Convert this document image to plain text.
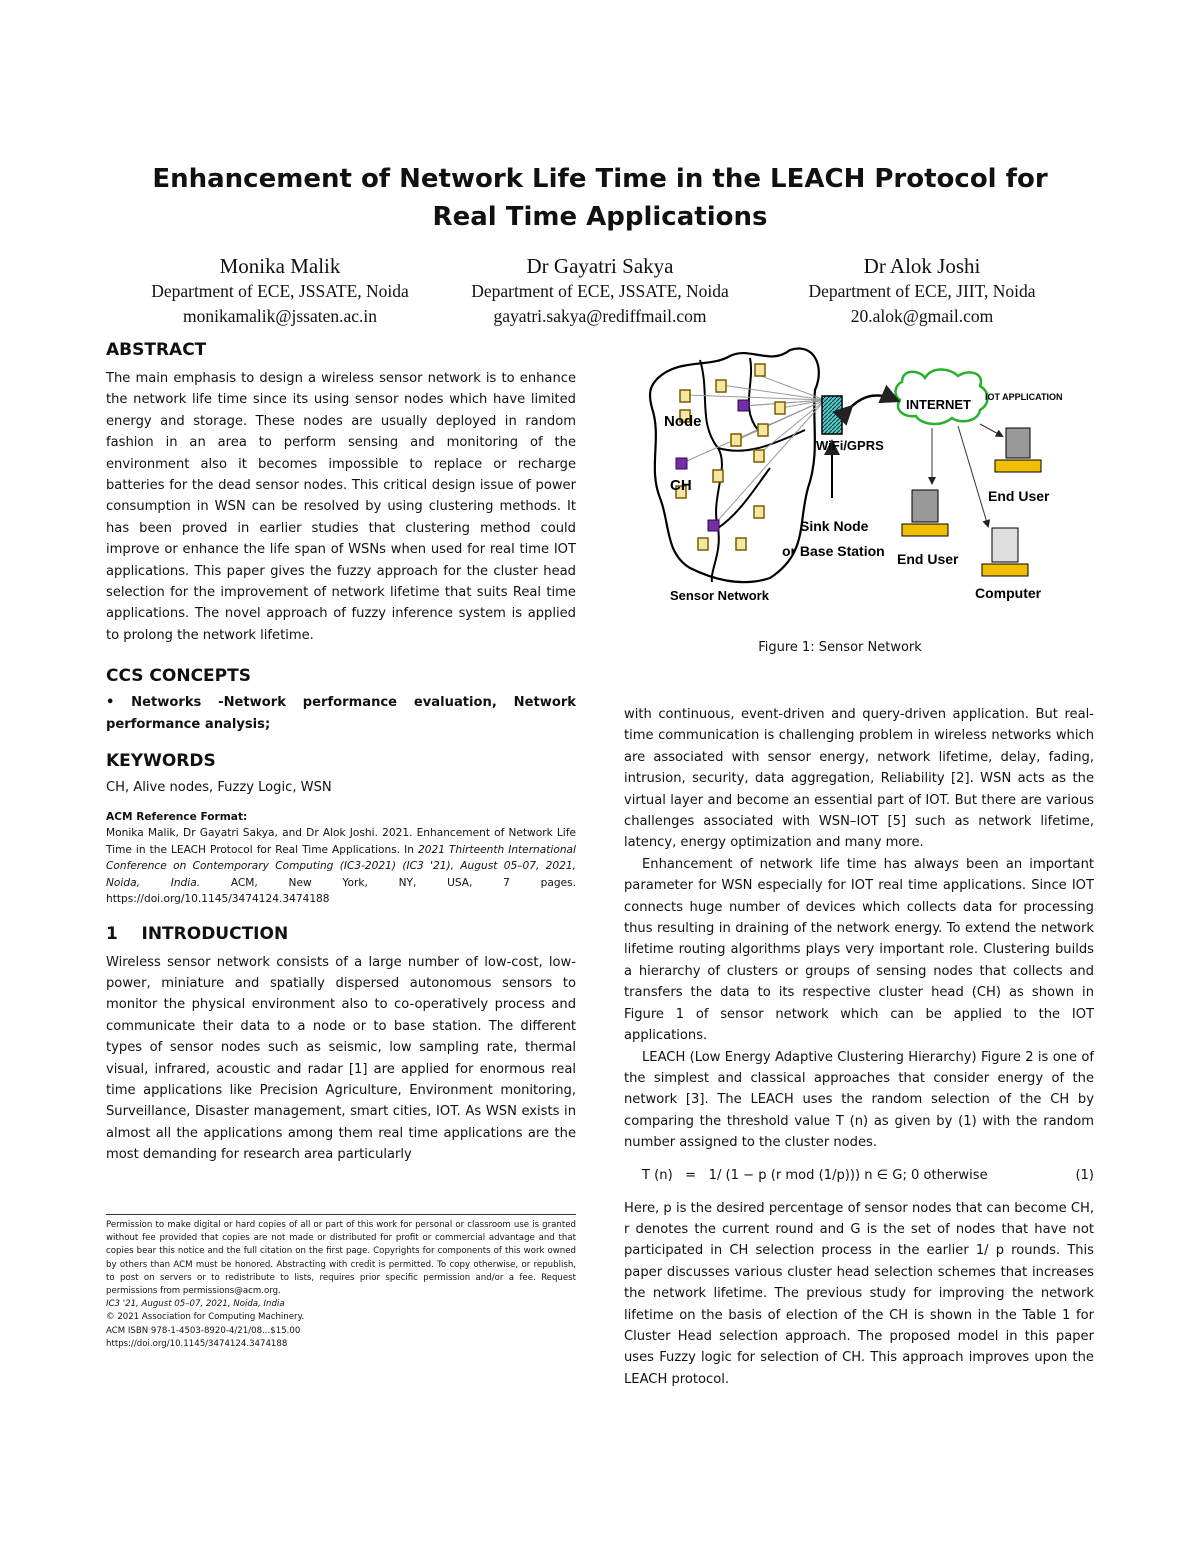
Enhancement of Network Life Time in the LEACH Protocol for
Real Time Applications
Monika Malik
Department of ECE, JSSATE, Noida
monikamalik@jssaten.ac.in
Dr Gayatri Sakya
Department of ECE, JSSATE, Noida
gayatri.sakya@rediffmail.com
Dr Alok Joshi
Department of ECE, JIIT, Noida
20.alok@gmail.com
ABSTRACT

The main emphasis to design a wireless sensor network is to enhance the network life time since its using sensor nodes which have limited energy and storage. These nodes are usually deployed in random fashion in an area to perform sensing and monitoring of the environment also it becomes impossible to replace or recharge batteries for the dead sensor nodes. This critical design issue of power consumption in WSN can be resolved by using clustering methods. It has been proved in earlier studies that clustering method could improve or enhance the life span of WSNs when used for real time IOT applications. This paper gives the fuzzy approach for the cluster head selection for the improvement of network lifetime that suits Real time applications. The novel approach of fuzzy inference system is applied to prolong the network lifetime.

CCS CONCEPTS

• Networks -Network performance evaluation, Network performance analysis;

KEYWORDS

CH, Alive nodes, Fuzzy Logic, WSN

ACM Reference Format:

Monika Malik, Dr Gayatri Sakya, and Dr Alok Joshi. 2021. Enhancement of Network Life Time in the LEACH Protocol for Real Time Applications. In 2021 Thirteenth International Conference on Contemporary Computing (IC3-2021) (IC3 '21), August 05–07, 2021, Noida, India. ACM, New York, NY, USA, 7 pages. https://doi.org/10.1145/3474124.3474188

1    INTRODUCTION

Wireless sensor network consists of a large number of low-cost, low-power, miniature and spatially dispersed autonomous sensors to monitor the physical environment also to co-operatively process and communicate their data to a node or to base station. The different types of sensor nodes such as seismic, low sampling rate, thermal visual, infrared, acoustic and radar [1] are applied for enormous real time applications like Precision Agriculture, Environment monitoring, Surveillance, Disaster management, smart cities, IOT. As WSN exists in almost all the applications among them real time applications are the most demanding for research area particularly

Permission to make digital or hard copies of all or part of this work for personal or classroom use is granted without fee provided that copies are not made or distributed for profit or commercial advantage and that copies bear this notice and the full citation on the first page. Copyrights for components of this work owned by others than ACM must be honored. Abstracting with credit is permitted. To copy otherwise, or republish, to post on servers or to redistribute to lists, requires prior specific permission and/or a fee. Request permissions from permissions@acm.org.

IC3 '21, August 05–07, 2021, Noida, India

© 2021 Association for Computing Machinery.

ACM ISBN 978-1-4503-8920-4/21/08...$15.00

https://doi.org/10.1145/3474124.3474188

INTERNET
Node
CH
WiFi/GPRS
IOT APPLICATION
Sink Node
or Base Station
End User
End User
Computer
Sensor Network

Figure 1: Sensor Network

with continuous, event-driven and query-driven application. But real-time communication is challenging problem in wireless networks which are associated with sensor energy, network lifetime, delay, fading, intrusion, security, data aggregation, Reliability [2]. WSN acts as the virtual layer and become an essential part of IOT. But there are various challenges associated with WSN–IOT [5] such as network lifetime, latency, energy optimization and many more.

Enhancement of network life time has always been an important parameter for WSN especially for IOT real time applications. Since IOT connects huge number of devices which collects data for processing thus resulting in draining of the network energy. To extend the network lifetime routing algorithms plays very important role. Clustering builds a hierarchy of clusters or groups of sensing nodes that collects and transfers the data to its respective cluster head (CH) as shown in Figure 1 of sensor network which can be applied to the IOT applications.

LEACH (Low Energy Adaptive Clustering Hierarchy) Figure 2 is one of the simplest and classical approaches that consider energy of the network [3]. The LEACH uses the random selection of the CH by comparing the threshold value T (n) as given by (1) with the random number assigned to the cluster nodes.

T (n)   =   1/ (1 − p (r mod (1/p))) n ∈ G; 0 otherwise	(1)

Here, p is the desired percentage of sensor nodes that can become CH, r denotes the current round and G is the set of nodes that have not participated in CH selection process in the earlier 1/ p rounds. This paper discusses various cluster head selection schemes that increases the network lifetime. The previous study for improving the network lifetime on the basis of election of the CH is shown in the Table 1 for Cluster Head selection approach. The proposed model in this paper uses Fuzzy logic for selection of CH. This approach improves upon the LEACH protocol.
